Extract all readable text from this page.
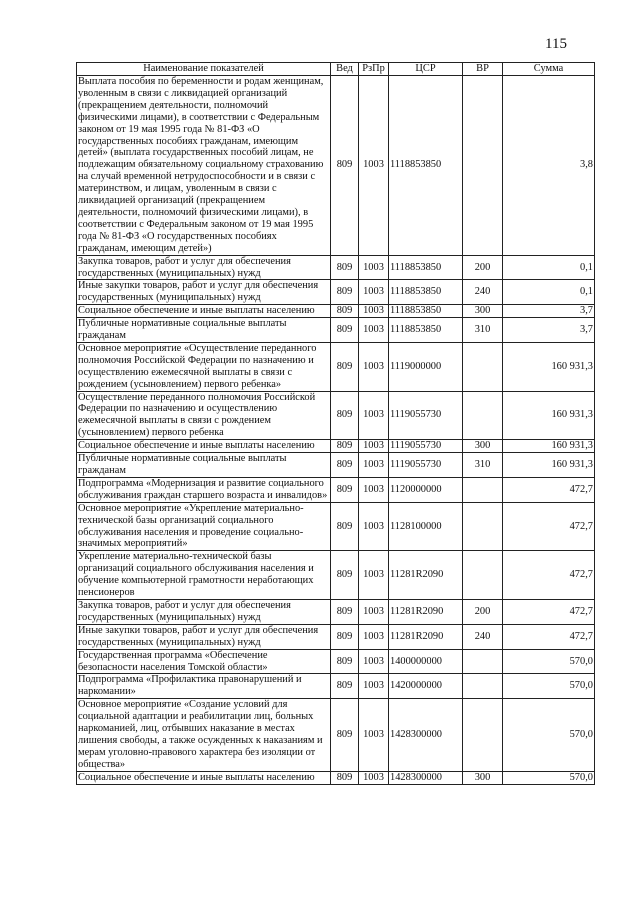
115
Наименование показателей	Вед	РзПр	ЦСР	ВР	Сумма
Выплата пособия по беременности и родам женщинам, уволенным в связи с ликвидацией организаций (прекращением деятельности, полномочий физическими лицами), в соответствии с Федеральным законом от 19 мая 1995 года № 81-ФЗ «О государственных пособиях гражданам, имеющим детей» (выплата государственных пособий лицам, не подлежащим обязательному социальному страхованию на случай временной нетрудоспособности и в связи с материнством, и лицам, уволенным в связи с ликвидацией организаций (прекращением деятельности, полномочий физическими лицами), в соответствии с Федеральным законом от 19 мая 1995 года № 81-ФЗ «О государственных пособиях гражданам, имеющим детей»)	809	1003	1118853850		3,8
Закупка товаров, работ и услуг для обеспечения государственных (муниципальных) нужд	809	1003	1118853850	200	0,1
Иные закупки товаров, работ и услуг для обеспечения государственных (муниципальных) нужд	809	1003	1118853850	240	0,1
Социальное обеспечение и иные выплаты населению	809	1003	1118853850	300	3,7
Публичные нормативные социальные выплаты гражданам	809	1003	1118853850	310	3,7
Основное мероприятие «Осуществление переданного полномочия Российской Федерации по назначению и осуществлению ежемесячной выплаты в связи с рождением (усыновлением) первого ребенка»	809	1003	1119000000		160 931,3
Осуществление переданного полномочия Российской Федерации по назначению и осуществлению ежемесячной выплаты в связи с рождением (усыновлением) первого ребенка	809	1003	1119055730		160 931,3
Социальное обеспечение и иные выплаты населению	809	1003	1119055730	300	160 931,3
Публичные нормативные социальные выплаты гражданам	809	1003	1119055730	310	160 931,3
Подпрограмма «Модернизация и развитие социального обслуживания граждан старшего возраста и инвалидов»	809	1003	1120000000		472,7
Основное мероприятие «Укрепление материально-технической базы организаций социального обслуживания населения и проведение социально-значимых мероприятий»	809	1003	1128100000		472,7
Укрепление материально-технической базы организаций социального обслуживания населения и обучение компьютерной грамотности неработающих пенсионеров	809	1003	11281R2090		472,7
Закупка товаров, работ и услуг для обеспечения государственных (муниципальных) нужд	809	1003	11281R2090	200	472,7
Иные закупки товаров, работ и услуг для обеспечения государственных (муниципальных) нужд	809	1003	11281R2090	240	472,7
Государственная программа «Обеспечение безопасности населения Томской области»	809	1003	1400000000		570,0
Подпрограмма «Профилактика правонарушений и наркомании»	809	1003	1420000000		570,0
Основное мероприятие «Создание условий для социальной адаптации и реабилитации лиц, больных наркоманией, лиц, отбывших наказание в местах лишения свободы, а также осужденных к наказаниям и мерам уголовно-правового характера без изоляции от общества»	809	1003	1428300000		570,0
Социальное обеспечение и иные выплаты населению	809	1003	1428300000	300	570,0
